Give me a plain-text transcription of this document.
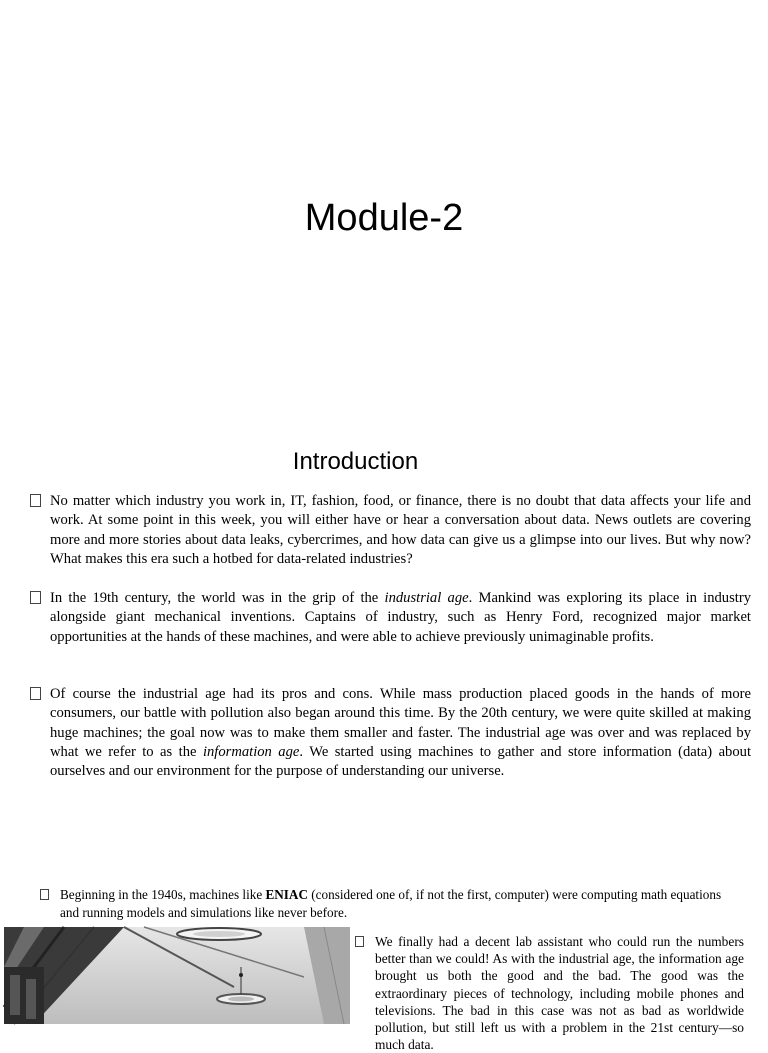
Module-2
Introduction
No matter which industry you work in, IT, fashion, food, or finance, there is no doubt that data affects your life and work. At some point in this week, you will either have or hear a conversation about data. News outlets are covering more and more stories about data leaks, cybercrimes, and how data can give us a glimpse into our lives. But why now? What makes this era such a hotbed for data-related industries?
In the 19th century, the world was in the grip of the industrial age. Mankind was exploring its place in industry alongside giant mechanical inventions. Captains of industry, such as Henry Ford, recognized major market opportunities at the hands of these machines, and were able to achieve previously unimaginable profits.
Of course the industrial age had its pros and cons. While mass production placed goods in the hands of more consumers, our battle with pollution also began around this time. By the 20th century, we were quite skilled at making huge machines; the goal now was to make them smaller and faster. The industrial age was over and was replaced by what we refer to as the information age. We started using machines to gather and store information (data) about ourselves and our environment for the purpose of understanding our universe.
Beginning in the 1940s, machines like ENIAC (considered one of, if not the first, computer) were computing math equations and running models and simulations like never before.
We finally had a decent lab assistant who could run the numbers better than we could! As with the industrial age, the information age brought us both the good and the bad. The good was the extraordinary pieces of technology, including mobile phones and televisions. The bad in this case was not as bad as worldwide pollution, but still left us with a problem in the 21st century—so much data.
